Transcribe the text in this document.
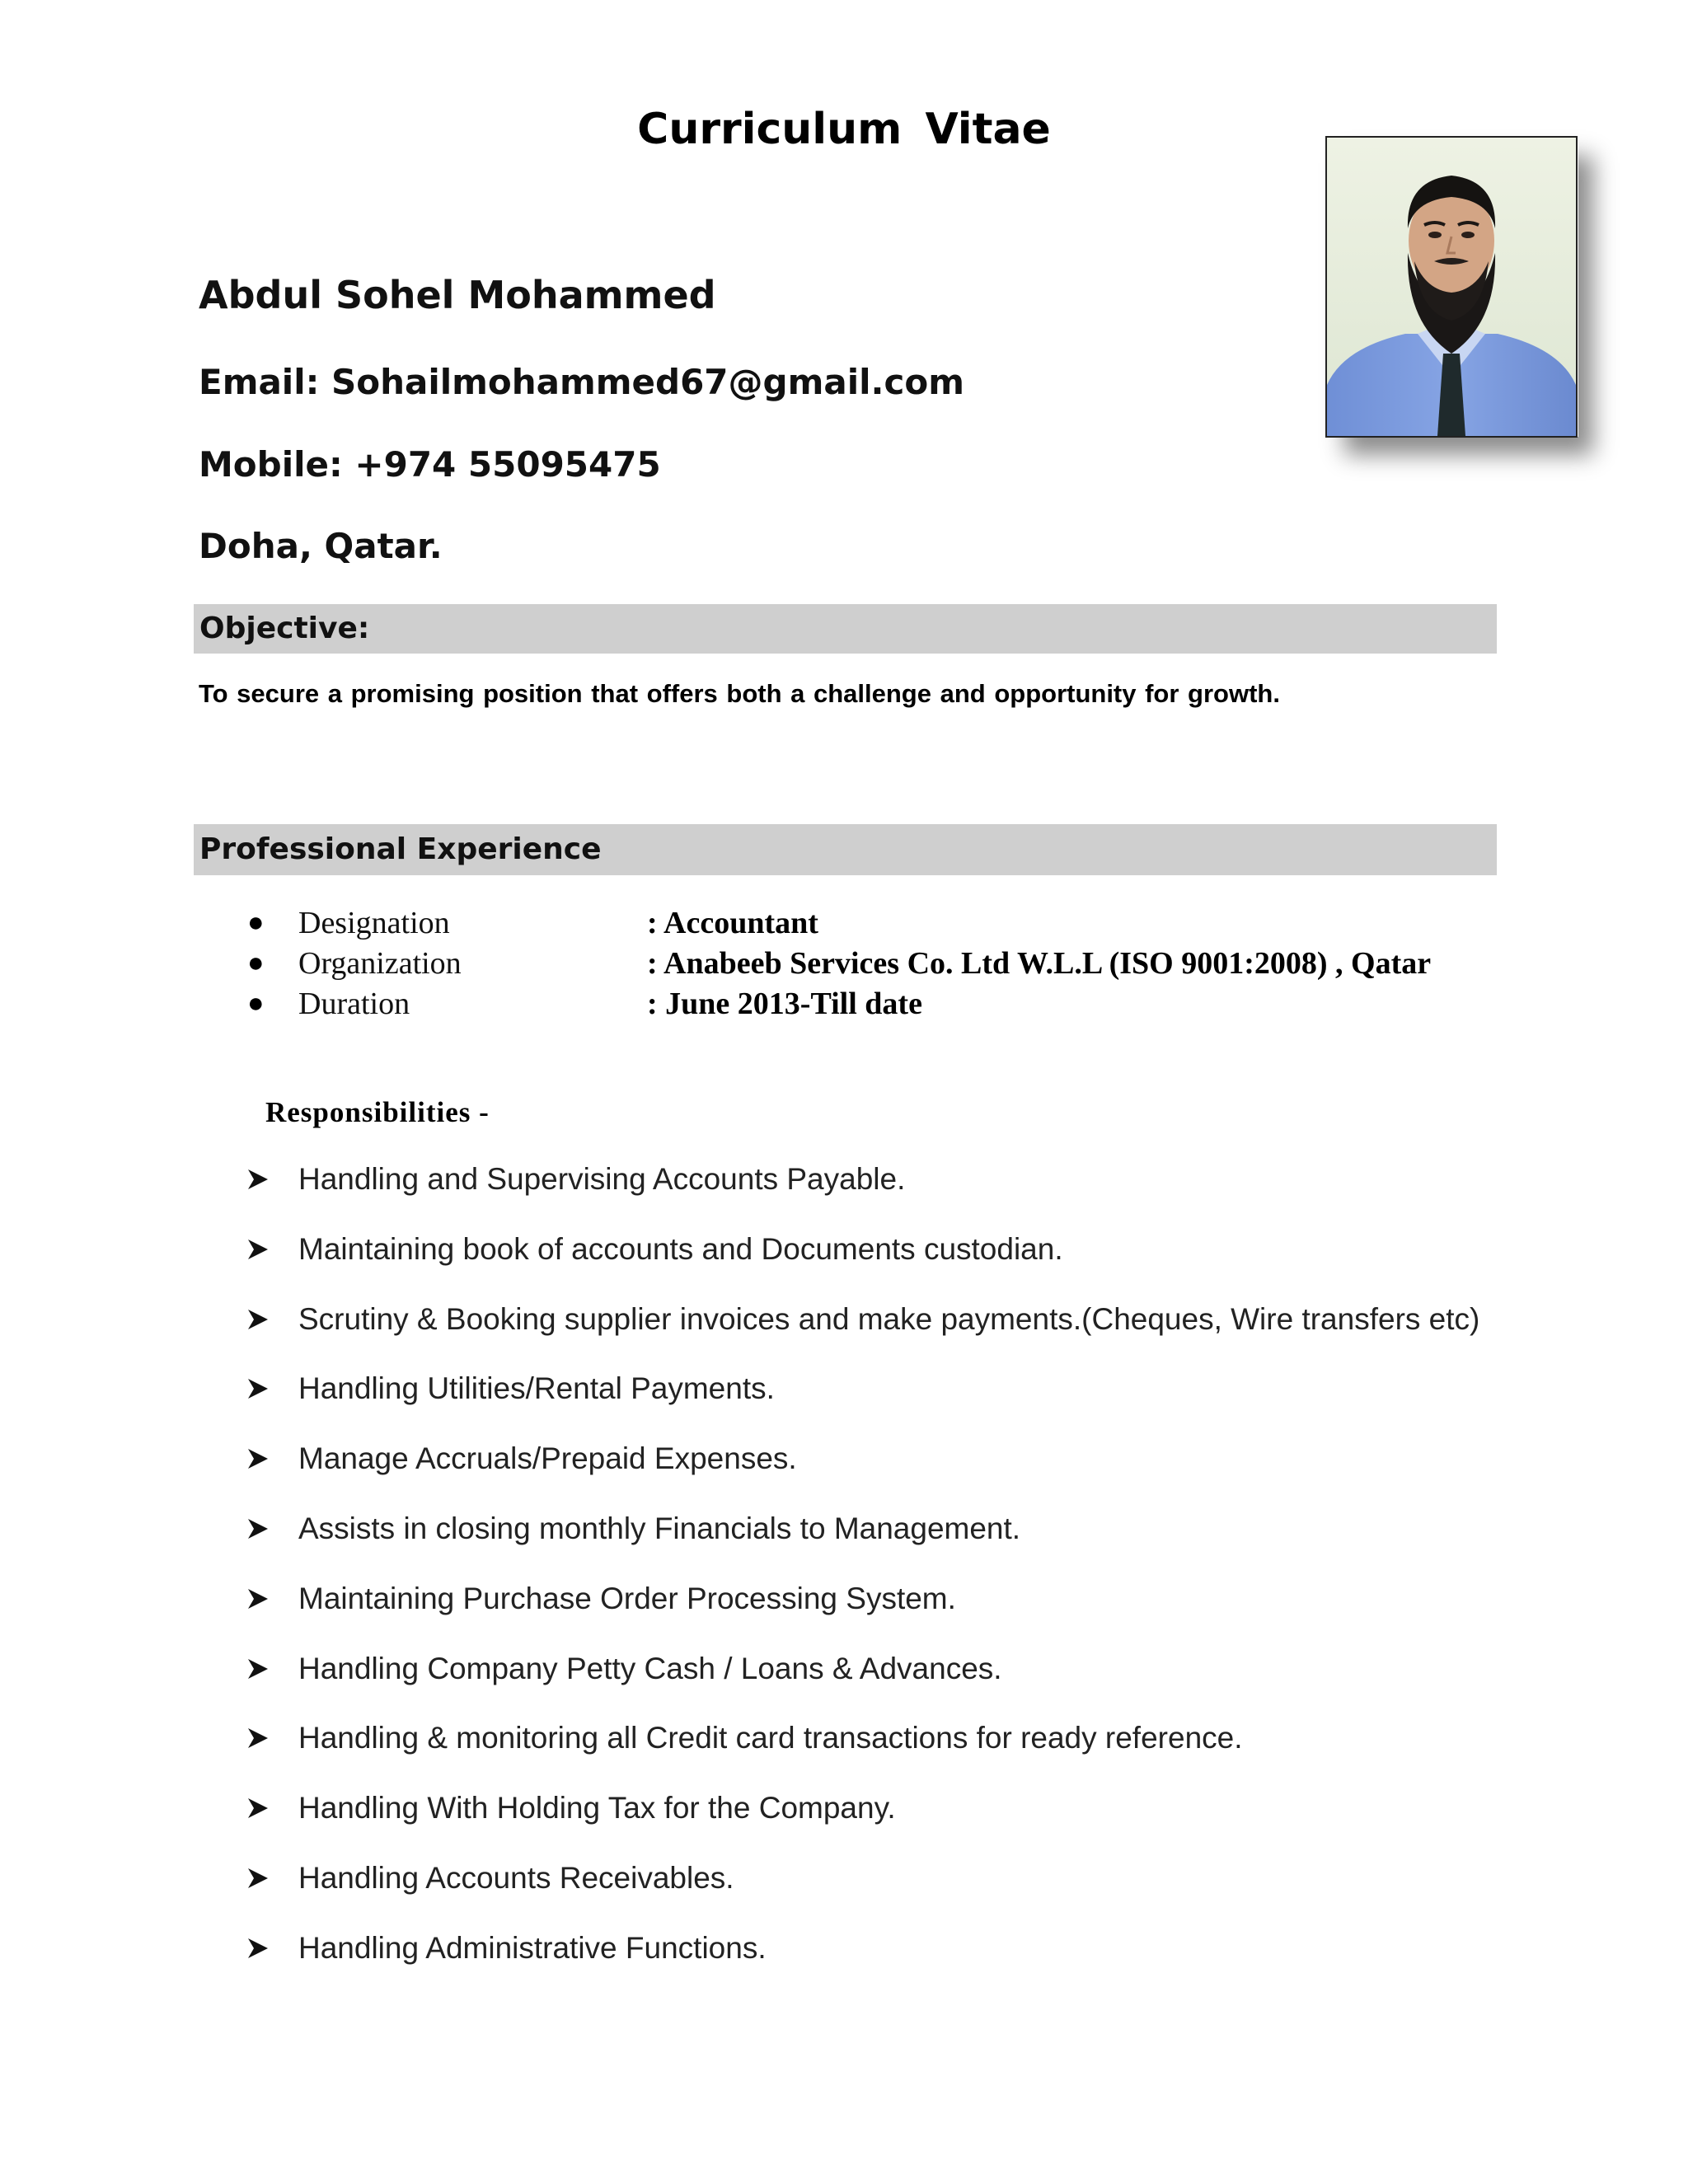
Curriculum Vitae
Abdul Sohel Mohammed
Email: Sohailmohammed67@gmail.com
Mobile: +974 55095475
Doha, Qatar.
Objective:
To secure a promising position that offers both a challenge and opportunity for growth.
Professional Experience
● Designation	: Accountant
● Organization	: Anabeeb Services Co. Ltd W.L.L (ISO 9001:2008) , Qatar
● Duration	: June 2013-Till date
Responsibilities -
Handling and Supervising Accounts Payable.
Maintaining book of accounts and Documents custodian.
Scrutiny & Booking supplier invoices and make payments.(Cheques, Wire transfers etc)
Handling Utilities/Rental Payments.
Manage Accruals/Prepaid Expenses.
Assists in closing monthly Financials to Management.
Maintaining Purchase Order Processing System.
Handling Company Petty Cash / Loans & Advances.
Handling & monitoring all Credit card transactions for ready reference.
Handling With Holding Tax for the Company.
Handling Accounts Receivables.
Handling Administrative Functions.
